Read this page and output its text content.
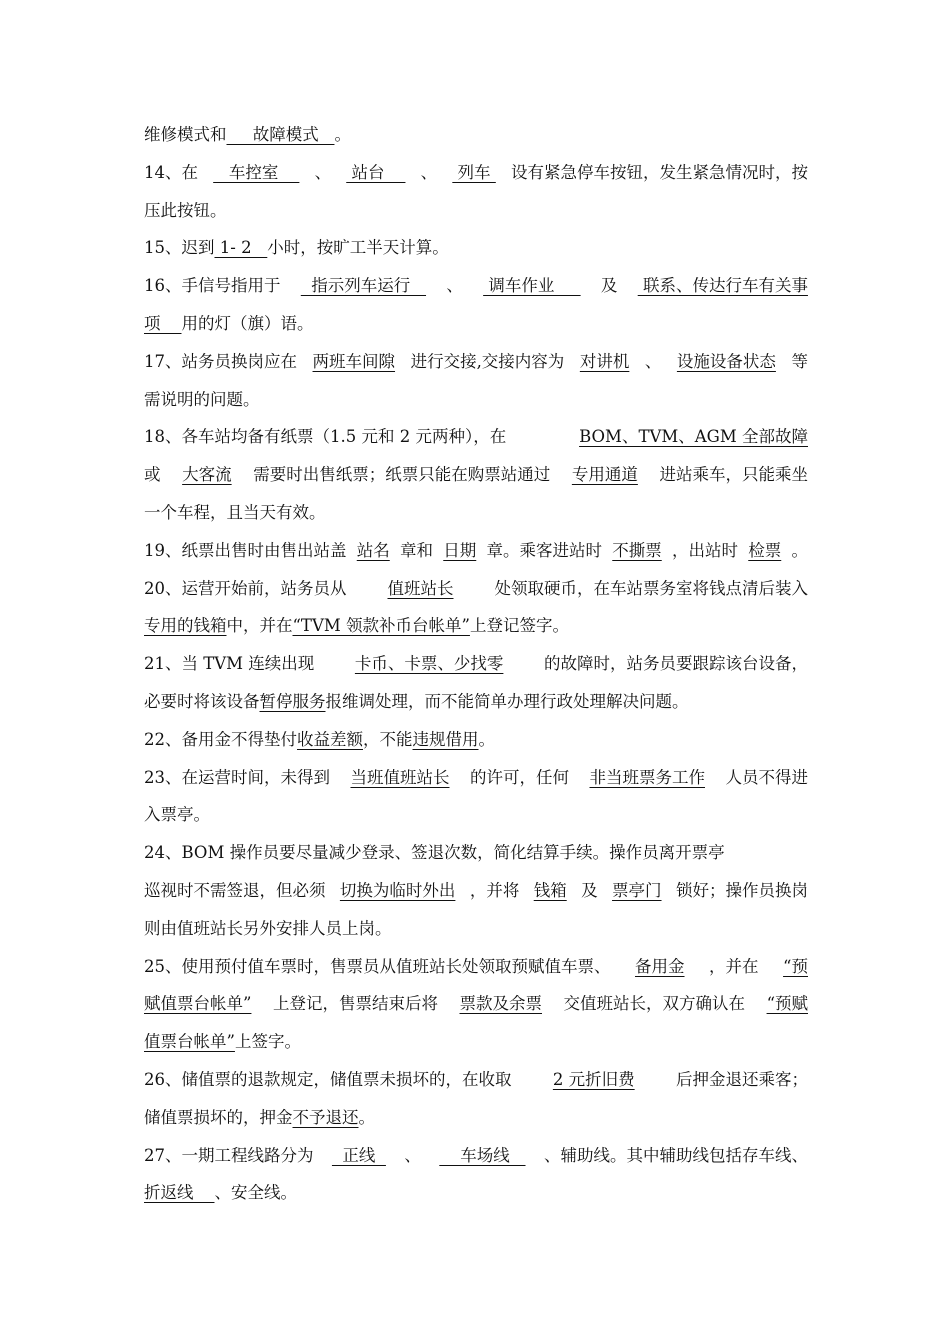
维修模式和 故障模式 。
14、在 车控室 、 站台 、 列车 设有紧急停车按钮，发生紧急情况时，按
压此按钮。
15、迟到 1- 2 小时，按旷工半天计算。
16、手信号指用于 指示列车运行 、 调车作业 及 联系、传达行车有关事
项 用的灯（旗）语。
17、站务员换岗应在 两班车间隙 进行交接,交接内容为 对讲机 、 设施设备状态 等
需说明的问题。
18、各车站均备有纸票（1.5 元和 2 元两种），在	BOM、TVM、AGM 全部故障
或 大客流 需要时出售纸票；纸票只能在购票站通过 专用通道 进站乘车，只能乘坐
一个车程，且当天有效。
19、纸票出售时由售出站盖 站名 章和 日期 章。乘客进站时 不撕票 ，出站时 检票 。
20、运营开始前，站务员从 值班站长 处领取硬币，在车站票务室将钱点清后装入
专用的钱箱 中，并在 “TVM 领款补币台帐单” 上登记签字。
21、当 TVM 连续出现 卡币、卡票、少找零 的故障时，站务员要跟踪该台设备，
必要时将该设备 暂停服务 报维调处理，而不能简单办理行政处理解决问题。
22、备用金不得垫付 收益差额 ，不能 违规借用 。
23、在运营时间，未得到 当班值班站长 的许可，任何 非当班票务工作 人员不得进
入票亭。
24、BOM 操作员要尽量减少登录、签退次数，简化结算手续。操作员离开票亭
巡视时不需签退，但必须 切换为临时外出 ，并将 钱箱 及 票亭门 锁好；操作员换岗
则由值班站长另外安排人员上岗。
25、使用预付值车票时，售票员从值班站长处领取预赋值车票、 备用金 ，并在 “预
赋值票台帐单” 上登记，售票结束后将 票款及余票 交值班站长，双方确认在 “预赋
值票台帐单” 上签字。
26、储值票的退款规定，储值票未损坏的，在收取	2 元折旧费	后押金退还乘客；
储值票损坏的，押金 不予退还 。
27、一期工程线路分为 正线 、 车场线 、辅助线。其中辅助线包括存车线、
折返线 、安全线。
